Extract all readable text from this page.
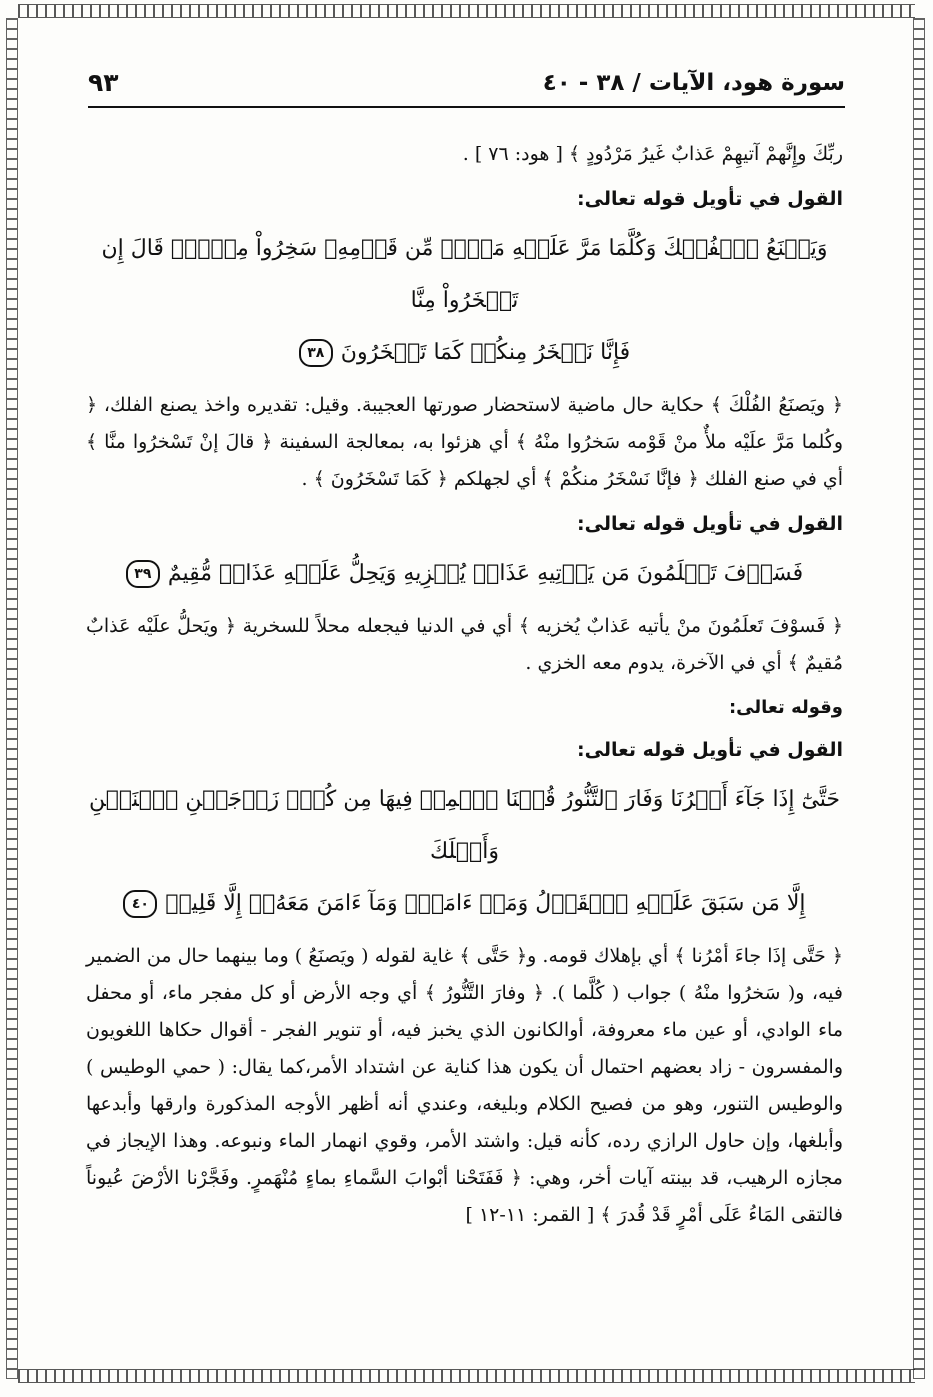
سورة هود، الآيات / ٣٨ - ٤٠
٩٣

ربِّكَ وإِنَّهمْ آتيهِمْ عَذابٌ غَيرُ مَرْدُودٍ ﴾ [ هود: ٧٦ ] .

القول في تأويل قوله تعالى:

وَيَصۡنَعُ ٱلۡفُلۡكَ وَكُلَّمَا مَرَّ عَلَيۡهِ مَلَأٞ مِّن قَوۡمِهِۦ سَخِرُواْ مِنۡهُۚ قَالَ إِن تَسۡخَرُواْ مِنَّا
فَإِنَّا نَسۡخَرُ مِنكُمۡ كَمَا تَسۡخَرُونَ٣٨

﴿ ويَصنَعُ الفُلْكَ ﴾ حكاية حال ماضية لاستحضار صورتها العجيبة. وقيل: تقديره واخذ يصنع الفلك، ﴿ وكُلما مَرَّ علَيْه ملأٌ منْ قَوْمه سَخرُوا منْهُ ﴾ أي هزئوا به، بمعالجة السفينة ﴿ قالَ إنْ تَسْخرُوا منَّا ﴾ أي في صنع الفلك ﴿ فإنَّا نَسْخَرُ منكُمْ ﴾ أي لجهلكم ﴿ كَمَا تَسْخَرُونَ ﴾ .

القول في تأويل قوله تعالى:

فَسَوۡفَ تَعۡلَمُونَ مَن يَأۡتِيهِ عَذَابٞ يُخۡزِيهِ وَيَحِلُّ عَلَيۡهِ عَذَابٞ مُّقِيمٌ٣٩

﴿ فَسوْفَ تَعلَمُونَ منْ يأتيه عَذابٌ يُخزيه ﴾ أي في الدنيا فيجعله محلاً للسخرية ﴿ ويَحلُّ علَيْه عَذابٌ مُقيمٌ ﴾ أي في الآخرة، يدوم معه الخزي .

وقوله تعالى:

القول في تأويل قوله تعالى:

حَتَّىٰٓ إِذَا جَآءَ أَمۡرُنَا وَفَارَ ٱلتَّنُّورُ قُلۡنَا ٱحۡمِلۡ فِيهَا مِن كُلّٖ زَوۡجَيۡنِ ٱثۡنَيۡنِ وَأَهۡلَكَ
إِلَّا مَن سَبَقَ عَلَيۡهِ ٱلۡقَوۡلُ وَمَنۡ ءَامَنَۚ وَمَآ ءَامَنَ مَعَهُۥٓ إِلَّا قَلِيلٞ٤٠

﴿ حَتَّى إذَا جاءَ أمْرُنا ﴾ أي بإهلاك قومه. و﴿ حَتَّى ﴾ غاية لقوله ( ويَصنَعُ ) وما بينهما حال من الضمير فيه، و( سَخرُوا منْهُ ) جواب ( كُلَّما ). ﴿ وفارَ التَّنُّورُ ﴾ أي وجه الأرض أو كل مفجر ماء، أو محفل ماء الوادي، أو عين ماء معروفة، أوالكانون الذي يخبز فيه، أو تنوير الفجر - أقوال حكاها اللغويون والمفسرون - زاد بعضهم احتمال أن يكون هذا كناية عن اشتداد الأمر،كما يقال: ( حمي الوطيس ) والوطيس التنور، وهو من فصيح الكلام وبليغه، وعندي أنه أظهر الأوجه المذكورة وارقها وأبدعها وأبلغها، وإن حاول الرازي رده، كأنه قيل: واشتد الأمر، وقوي انهمار الماء ونبوعه. وهذا الإيجاز في مجازه الرهيب، قد بينته آيات أخر، وهي: ﴿ فَفَتَحْنا أبْوابَ السَّماءِ بماءٍ مُنْهَمرٍ. وفَجَّرْنا الأرْضَ عُيوناً فالتقى المَاءُ عَلَى أمْرٍ قَدْ قُدرَ ﴾ [ القمر: ١١-١٢ ]
